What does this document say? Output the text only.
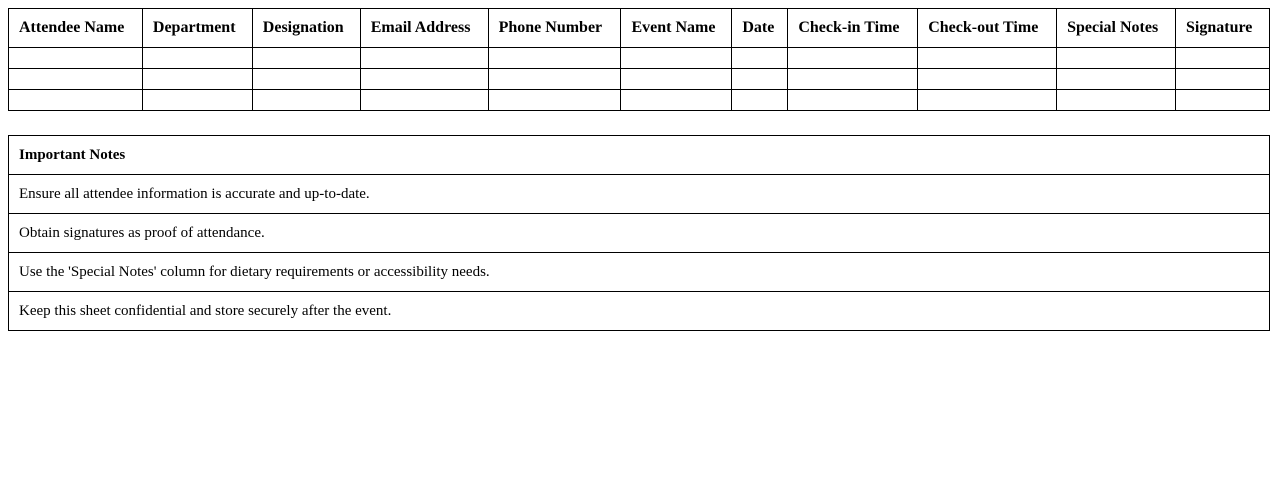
Attendee Name	Department	Designation	Email Address	Phone Number	Event Name	Date	Check-in Time	Check-out Time	Special Notes	Signature

Important Notes
Ensure all attendee information is accurate and up-to-date.
Obtain signatures as proof of attendance.
Use the 'Special Notes' column for dietary requirements or accessibility needs.
Keep this sheet confidential and store securely after the event.
